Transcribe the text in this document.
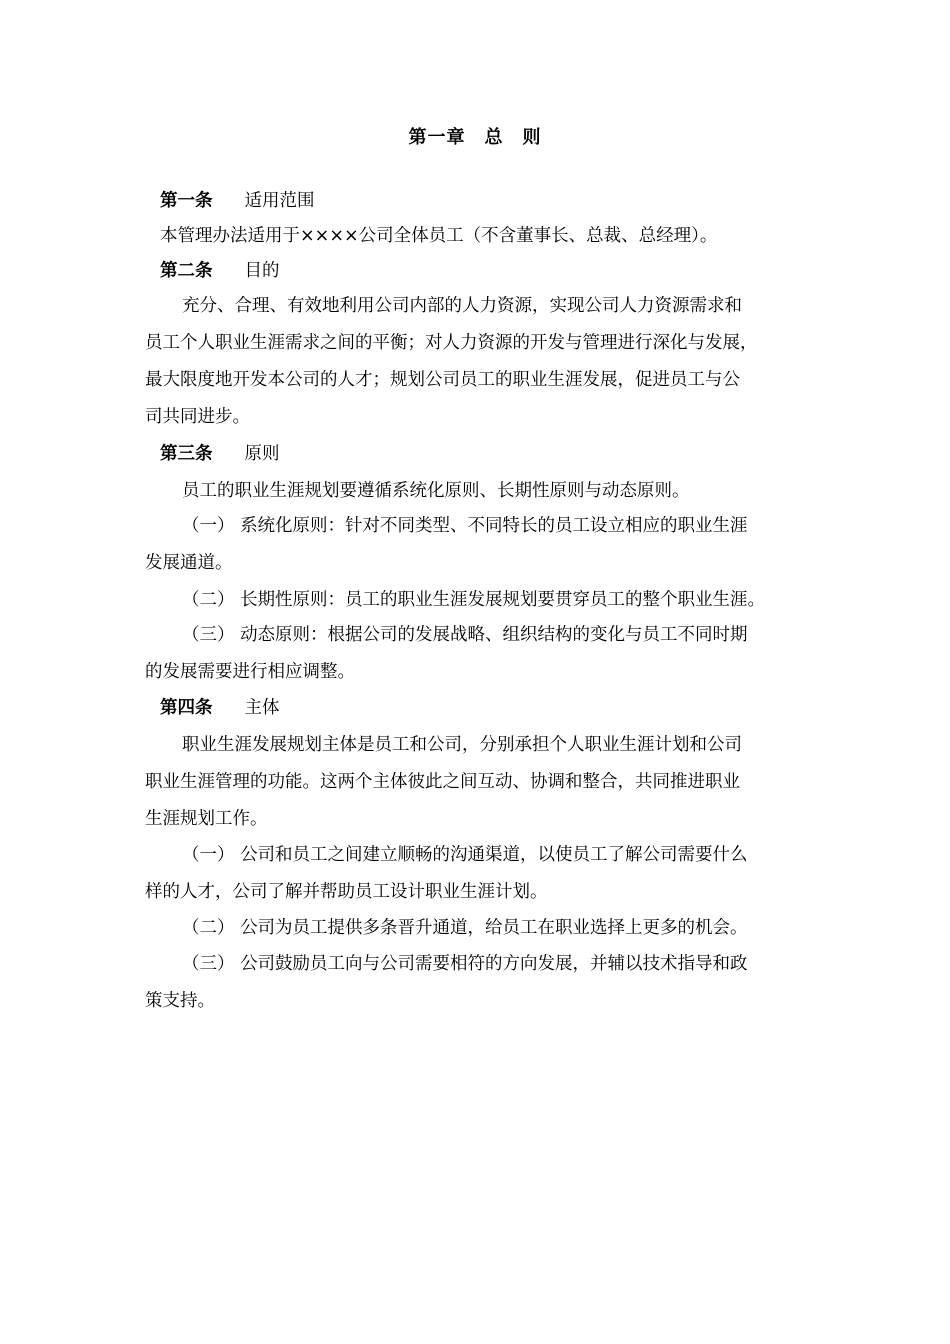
第一章　总　则
第一条 适用范围
本管理办法适用于××××公司全体员工（不含董事长、总裁、总经理）。
第二条 目的
充分、合理、有效地利用公司内部的人力资源，实现公司人力资源需求和
员工个人职业生涯需求之间的平衡；对人力资源的开发与管理进行深化与发展，
最大限度地开发本公司的人才；规划公司员工的职业生涯发展，促进员工与公
司共同进步。
第三条 原则
员工的职业生涯规划要遵循系统化原则、长期性原则与动态原则。
（一） 系统化原则：针对不同类型、不同特长的员工设立相应的职业生涯
发展通道。
（二） 长期性原则：员工的职业生涯发展规划要贯穿员工的整个职业生涯。
（三） 动态原则：根据公司的发展战略、组织结构的变化与员工不同时期
的发展需要进行相应调整。
第四条 主体
职业生涯发展规划主体是员工和公司，分别承担个人职业生涯计划和公司
职业生涯管理的功能。这两个主体彼此之间互动、协调和整合，共同推进职业
生涯规划工作。
（一） 公司和员工之间建立顺畅的沟通渠道，以使员工了解公司需要什么
样的人才，公司了解并帮助员工设计职业生涯计划。
（二） 公司为员工提供多条晋升通道，给员工在职业选择上更多的机会。
（三） 公司鼓励员工向与公司需要相符的方向发展，并辅以技术指导和政
策支持。
